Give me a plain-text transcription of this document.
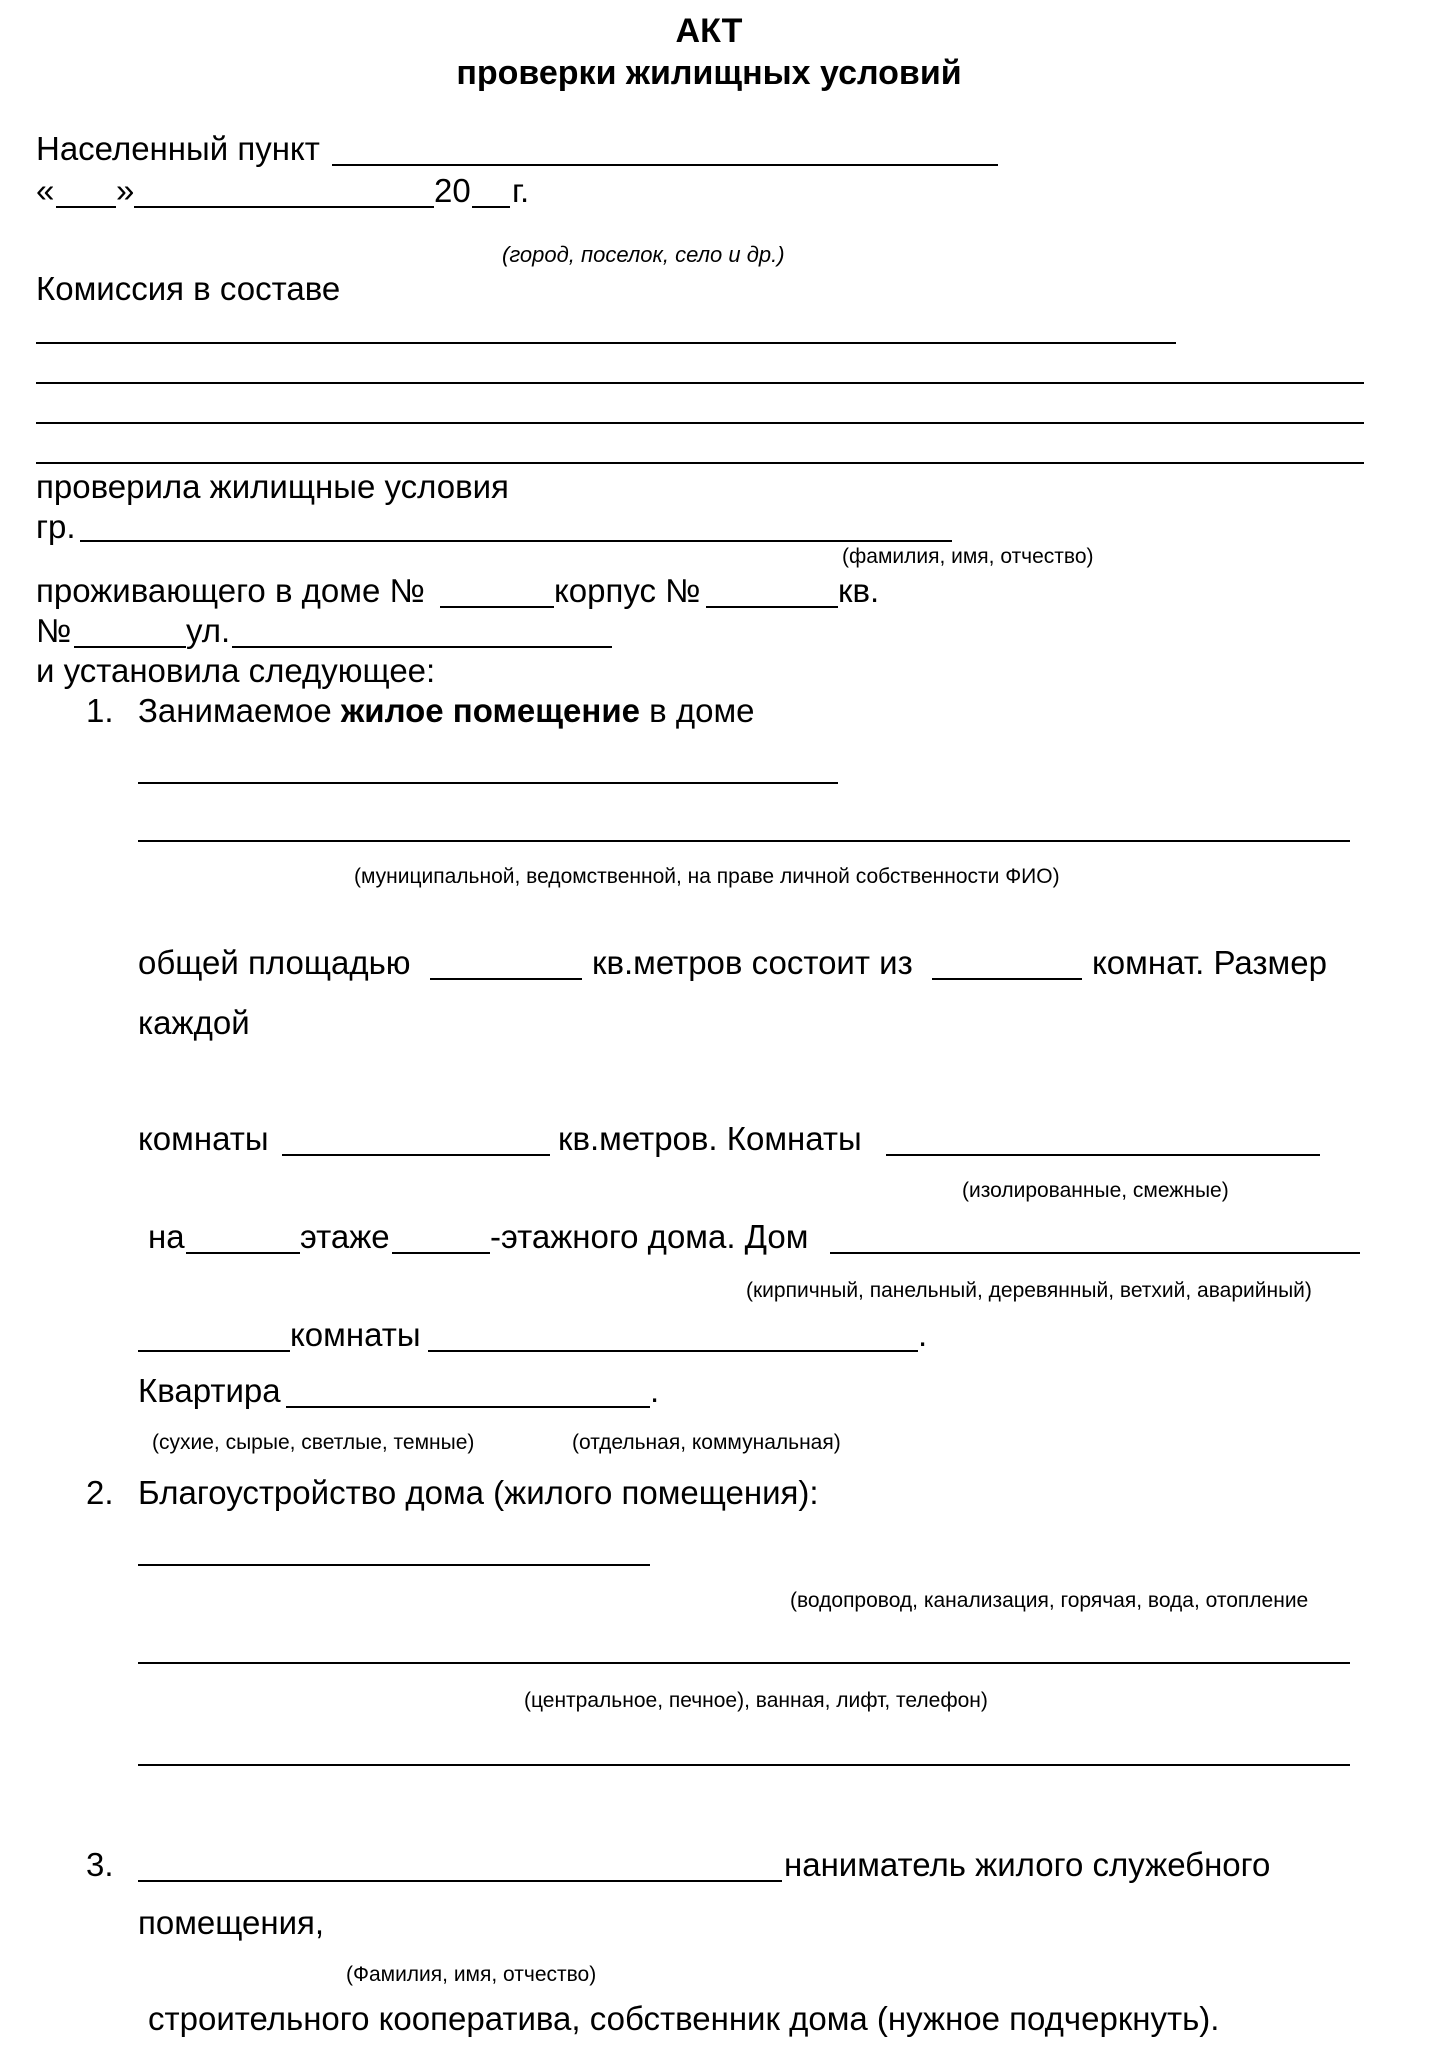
АКТ
проверки жилищных условий
Населенный пункт
« »	20 г.
(город, поселок, село и др.)
Комиссия в составе
проверила жилищные условия
гр.
(фамилия, имя, отчество)
проживающего в доме №	корпус №	кв.
№	ул.
и установила следующее:
1. Занимаемое жилое помещение в доме
(муниципальной, ведомственной, на праве личной собственности ФИО)
общей площадью	кв.метров состоит из	комнат. Размер
каждой
комнаты	кв.метров. Комнаты
(изолированные, смежные)
на	этаже	-этажного дома. Дом
(кирпичный, панельный, деревянный, ветхий, аварийный)
комнаты	.
Квартира	.
(сухие, сырые, светлые, темные)	(отдельная, коммунальная)
2. Благоустройство дома (жилого помещения):
(водопровод, канализация, горячая, вода, отопление
(центральное, печное), ванная, лифт, телефон)
3.	наниматель жилого служебного
помещения,
(Фамилия, имя, отчество)
строительного кооператива, собственник дома (нужное подчеркнуть).
